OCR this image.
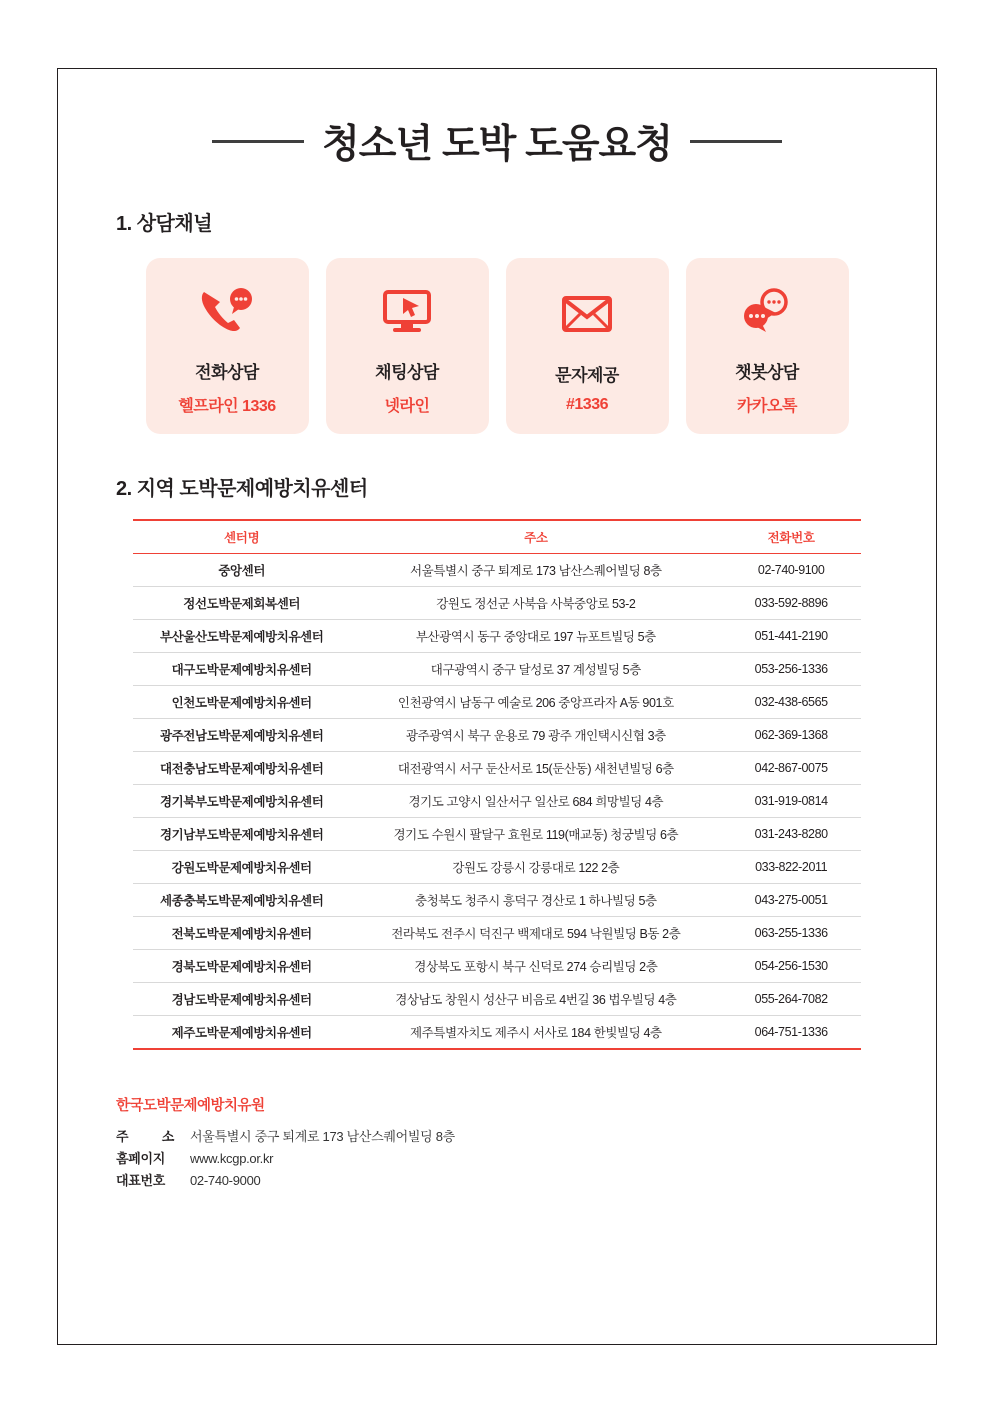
청소년 도박 도움요청
1. 상담채널
전화상담
헬프라인 1336
채팅상담
넷라인
문자제공
#1336
챗봇상담
카카오톡
2. 지역 도박문제예방치유센터
센터명	주소	전화번호
중앙센터	서울특별시 중구 퇴계로 173 남산스퀘어빌딩 8층	02-740-9100
정선도박문제회복센터	강원도 정선군 사북읍 사북중앙로 53-2	033-592-8896
부산울산도박문제예방치유센터	부산광역시 동구 중앙대로 197 뉴포트빌딩 5층	051-441-2190
대구도박문제예방치유센터	대구광역시 중구 달성로 37 계성빌딩 5층	053-256-1336
인천도박문제예방치유센터	인천광역시 남동구 예술로 206 중앙프라자 A동 901호	032-438-6565
광주전남도박문제예방치유센터	광주광역시 북구 운용로 79 광주 개인택시신협 3층	062-369-1368
대전충남도박문제예방치유센터	대전광역시 서구 둔산서로 15(둔산동) 새천년빌딩 6층	042-867-0075
경기북부도박문제예방치유센터	경기도 고양시 일산서구 일산로 684 희망빌딩 4층	031-919-0814
경기남부도박문제예방치유센터	경기도 수원시 팔달구 효원로 119(매교동) 청궁빌딩 6층	031-243-8280
강원도박문제예방치유센터	강원도 강릉시 강릉대로 122 2층	033-822-2011
세종충북도박문제예방치유센터	충청북도 청주시 흥덕구 경산로 1 하나빌딩 5층	043-275-0051
전북도박문제예방치유센터	전라북도 전주시 덕진구 백제대로 594 낙원빌딩 B동 2층	063-255-1336
경북도박문제예방치유센터	경상북도 포항시 북구 신덕로 274 승리빌딩 2층	054-256-1530
경남도박문제예방치유센터	경상남도 창원시 성산구 비음로 4번길 36 법우빌딩 4층	055-264-7082
제주도박문제예방치유센터	제주특별자치도 제주시 서사로 184 한빛빌딩 4층	064-751-1336
한국도박문제예방치유원
주	소 서울특별시 중구 퇴계로 173 남산스퀘어빌딩 8층
홈페이지	www.kcgp.or.kr
대표번호	02-740-9000
